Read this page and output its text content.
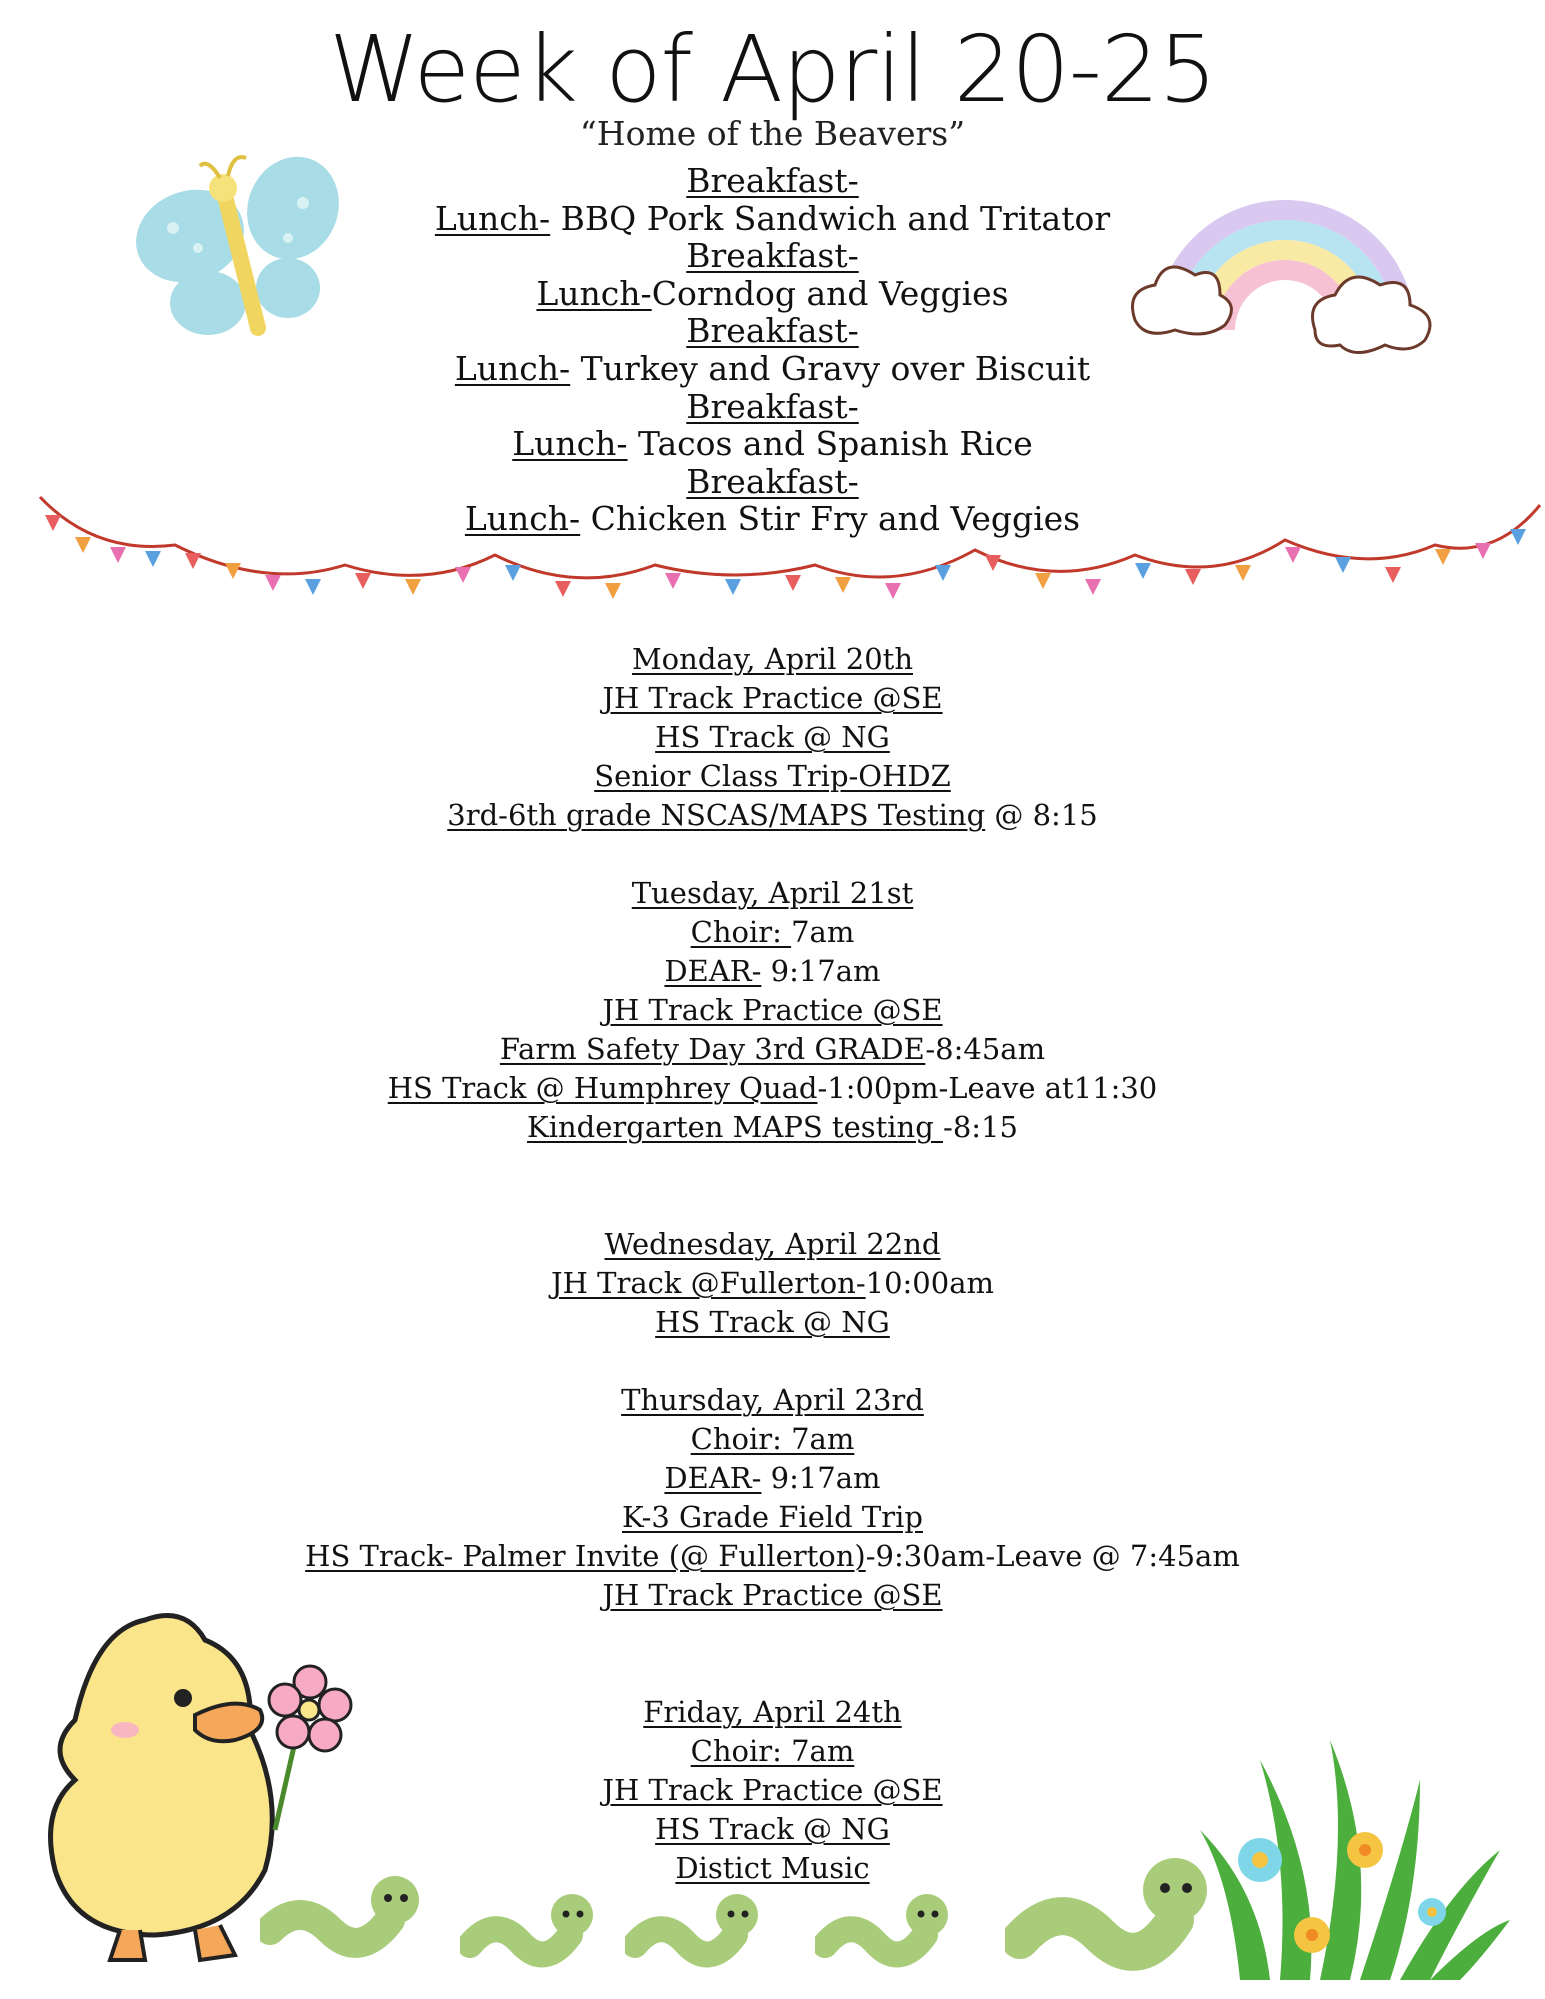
Week of April 20-25
“Home of the Beavers”
Breakfast-
Lunch- BBQ Pork Sandwich and Tritator
Breakfast-
Lunch-Corndog and Veggies
Breakfast-
Lunch- Turkey and Gravy over Biscuit
Breakfast-
Lunch- Tacos and Spanish Rice
Breakfast-
Lunch- Chicken Stir Fry and Veggies
Monday, April 20th
JH Track Practice @SE
HS Track @ NG
Senior Class Trip-OHDZ
3rd-6th grade NSCAS/MAPS Testing @ 8:15
Tuesday, April 21st
Choir: 7am
DEAR- 9:17am
JH Track Practice @SE
Farm Safety Day 3rd GRADE-8:45am
HS Track @ Humphrey Quad-1:00pm-Leave at11:30
Kindergarten MAPS testing -8:15
Wednesday, April 22nd
JH Track @Fullerton-10:00am
HS Track @ NG
Thursday, April 23rd
Choir: 7am
DEAR- 9:17am
K-3 Grade Field Trip
HS Track- Palmer Invite (@ Fullerton)-9:30am-Leave @ 7:45am
JH Track Practice @SE
Friday, April 24th
Choir: 7am
JH Track Practice @SE
HS Track @ NG
Distict Music
